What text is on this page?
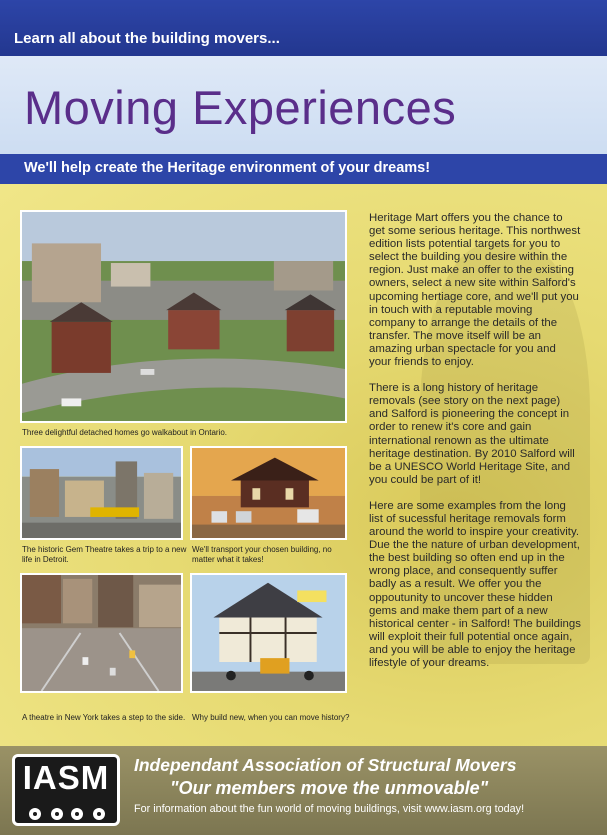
Learn all about the building movers...
Moving Experiences
We'll help create the Heritage environment of your dreams!
Three delightful detached homes go walkabout in Ontario.
The historic Gem Theatre takes a trip to a new life in Detroit.
We'll transport your chosen building, no matter what it takes!
A theatre in New York takes a step to the side. Why build new, when you can move history?

Heritage Mart offers you the chance to get some serious heritage. This northwest edition lists potential targets for you to select the building you desire within the region. Just make an offer to the existing owners, select a new site within Salford's upcoming hertiage core, and we'll put you in touch with a reputable moving company to arrange the details of the transfer. The move itself will be an amazing urban spectacle for you and your friends to enjoy.

There is a long history of heritage removals (see story on the next page) and Salford is pioneering the concept in order to renew it's core and gain international renown as the ultimate heritage destination. By 2010 Salford will be a UNESCO World Heritage Site, and you could be part of it!

Here are some examples from the long list of sucessful heritage removals form around the world to inspire your creativity. Due the the nature of urban development, the best building so often end up in the wrong place, and consequently suffer badly as a result. We offer you the oppoutunity to uncover these hidden gems and make them part of a new historical center - in Salford! The buildings will exploit their full potential once again, and you will be able to enjoy the heritage lifestyle of your dreams.

IASM	Independant Association of Structural Movers
"Our members move the unmovable"
For information about the fun world of moving buildings, visit www.iasm.org today!
